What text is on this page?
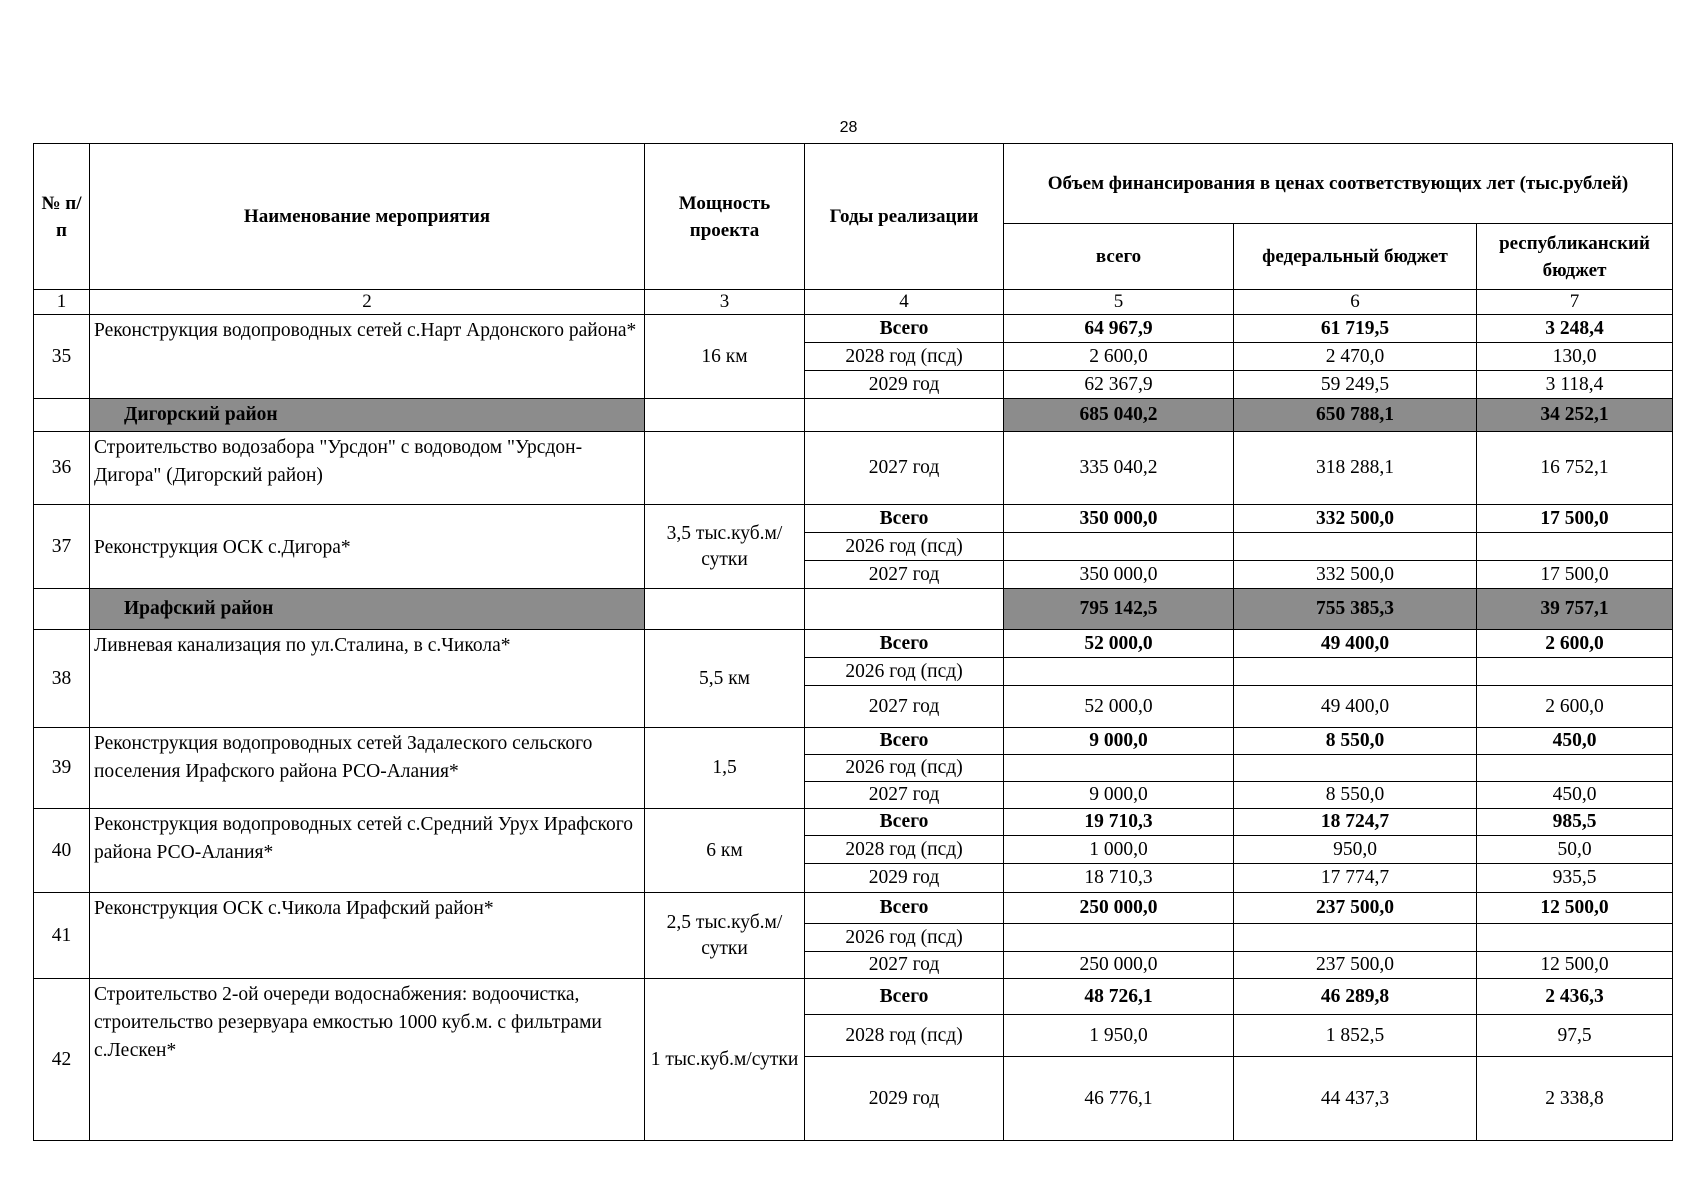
28
№ п/п	Наименование мероприятия	Мощность проекта	Годы реализации	Объем финансирования в ценах соответствующих лет (тыс.рублей)		
				всего	федеральный бюджет	республиканский бюджет
1	2	3	4	5	6	7
35	Реконструкция водопроводных сетей с.Нарт Ардонского района*	16 км	Всего	64 967,9	61 719,5	3 248,4
			2028 год (псд)	2 600,0	2 470,0	130,0
			2029 год	62 367,9	59 249,5	3 118,4
	Дигорский район			685 040,2	650 788,1	34 252,1
36	Строительство водозабора "Урсдон" с водоводом "Урсдон-Дигора" (Дигорский район)		2027 год	335 040,2	318 288,1	16 752,1
37	Реконструкция ОСК с.Дигора*	3,5 тыс.куб.м/сутки	Всего	350 000,0	332 500,0	17 500,0
			2026 год (псд)			
			2027 год	350 000,0	332 500,0	17 500,0
	Ирафский район			795 142,5	755 385,3	39 757,1
38	Ливневая канализация по ул.Сталина, в с.Чикола*	5,5 км	Всего	52 000,0	49 400,0	2 600,0
			2026 год (псд)			
			2027 год	52 000,0	49 400,0	2 600,0
39	Реконструкция водопроводных сетей Задалеского сельского поселения Ирафского района РСО-Алания*	1,5	Всего	9 000,0	8 550,0	450,0
			2026 год (псд)			
			2027 год	9 000,0	8 550,0	450,0
40	Реконструкция водопроводных сетей с.Средний Урух Ирафского района РСО-Алания*	6 км	Всего	19 710,3	18 724,7	985,5
			2028 год (псд)	1 000,0	950,0	50,0
			2029 год	18 710,3	17 774,7	935,5
41	Реконструкция ОСК с.Чикола Ирафский район*	2,5 тыс.куб.м/сутки	Всего	250 000,0	237 500,0	12 500,0
			2026 год (псд)			
			2027 год	250 000,0	237 500,0	12 500,0
42	Строительство 2-ой очереди водоснабжения: водоочистка, строительство резервуара емкостью 1000 куб.м. с фильтрами с.Лескен*	1 тыс.куб.м/сутки	Всего	48 726,1	46 289,8	2 436,3
			2028 год (псд)	1 950,0	1 852,5	97,5
			2029 год	46 776,1	44 437,3	2 338,8
